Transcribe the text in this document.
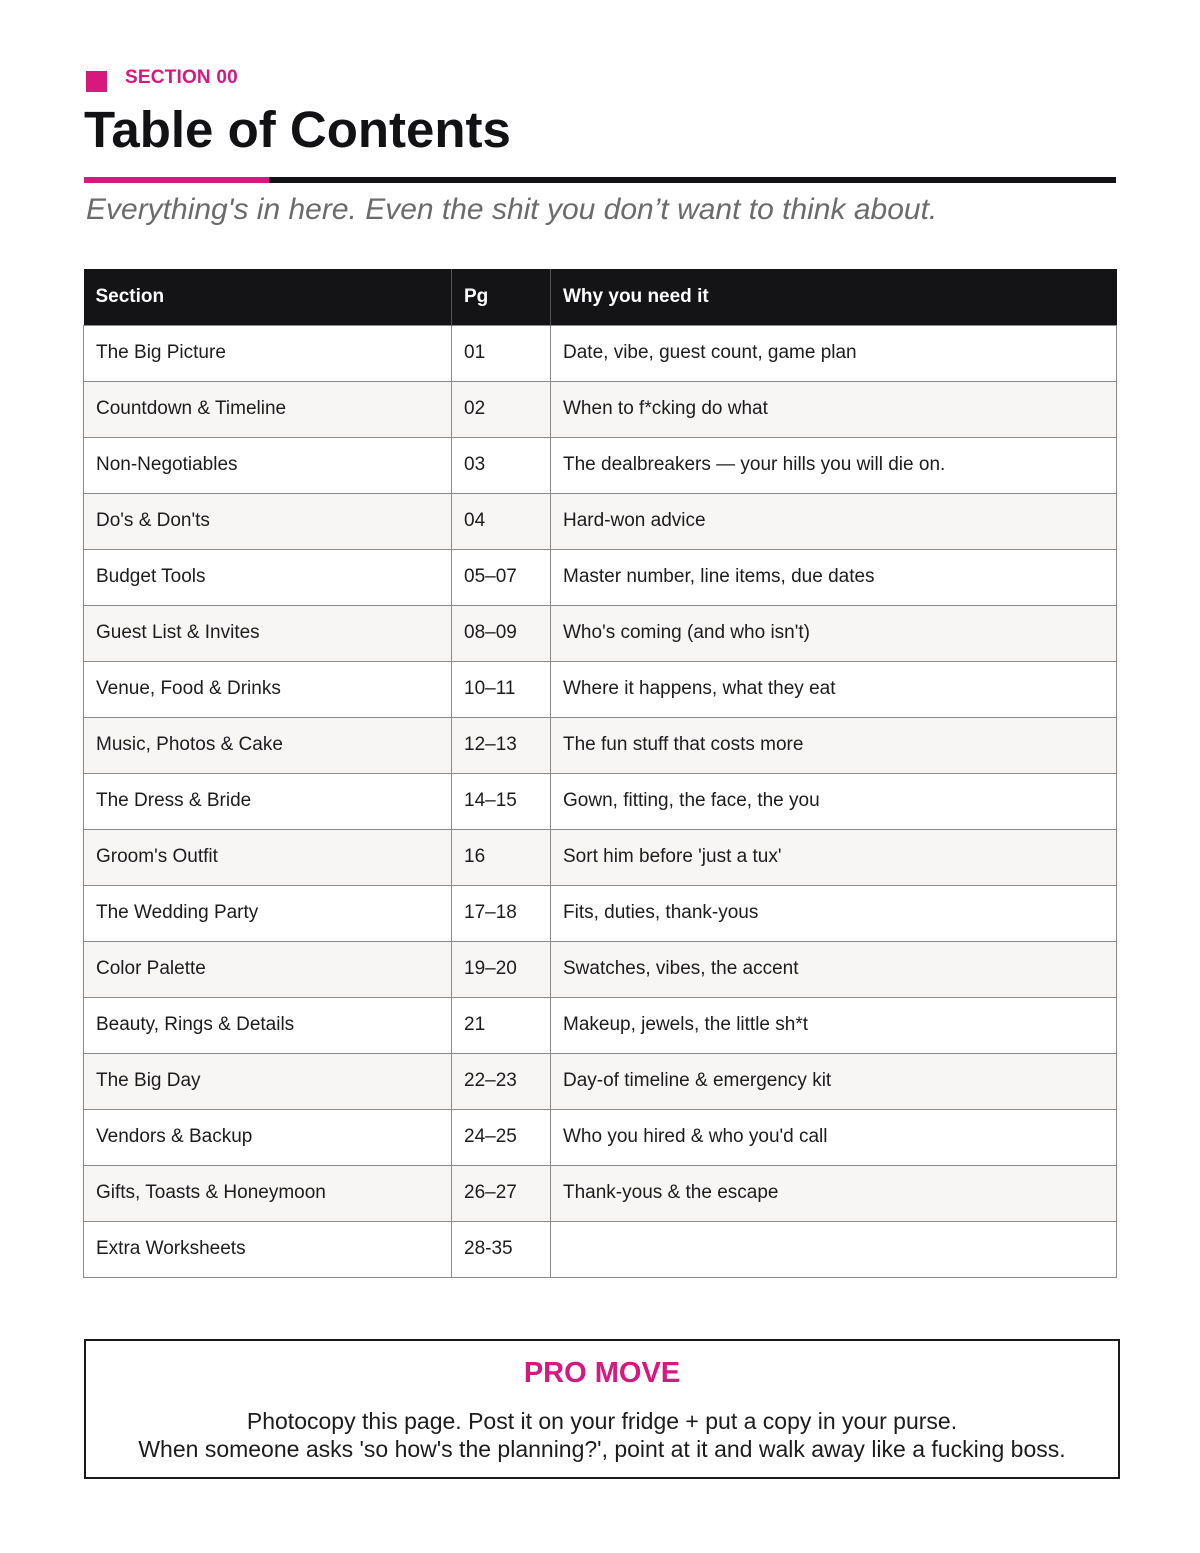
SECTION 00
Table of Contents
Everything's in here. Even the shit you don’t want to think about.
Section	Pg	Why you need it
The Big Picture	01	Date, vibe, guest count, game plan
Countdown & Timeline	02	When to f*cking do what
Non-Negotiables	03	The dealbreakers — your hills you will die on.
Do's & Don'ts	04	Hard-won advice
Budget Tools	05–07	Master number, line items, due dates
Guest List & Invites	08–09	Who's coming (and who isn't)
Venue, Food & Drinks	10–11	Where it happens, what they eat
Music, Photos & Cake	12–13	The fun stuff that costs more
The Dress & Bride	14–15	Gown, fitting, the face, the you
Groom's Outfit	16	Sort him before 'just a tux'
The Wedding Party	17–18	Fits, duties, thank-yous
Color Palette	19–20	Swatches, vibes, the accent
Beauty, Rings & Details	21	Makeup, jewels, the little sh*t
The Big Day	22–23	Day-of timeline & emergency kit
Vendors & Backup	24–25	Who you hired & who you'd call
Gifts, Toasts & Honeymoon	26–27	Thank-yous & the escape
Extra Worksheets	28-35	
PRO MOVE
Photocopy this page. Post it on your fridge + put a copy in your purse.
When someone asks 'so how's the planning?', point at it and walk away like a fucking boss.
